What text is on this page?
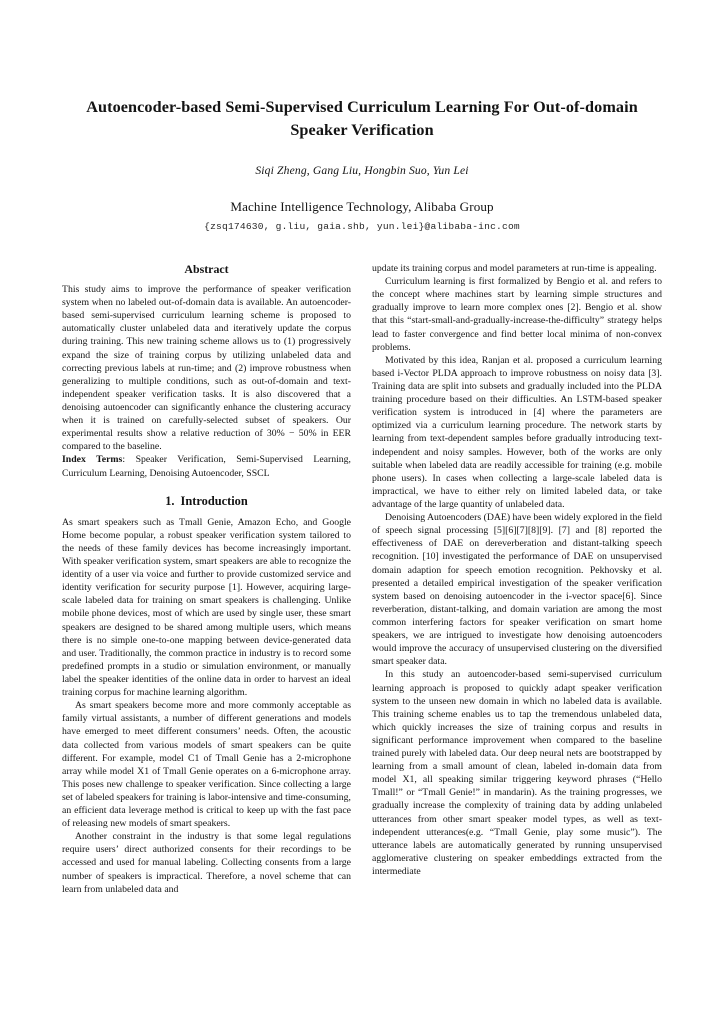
Autoencoder-based Semi-Supervised Curriculum Learning For Out-of-domain Speaker Verification
Siqi Zheng, Gang Liu, Hongbin Suo, Yun Lei
Machine Intelligence Technology, Alibaba Group
{zsq174630, g.liu, gaia.shb, yun.lei}@alibaba-inc.com
Abstract

This study aims to improve the performance of speaker verification system when no labeled out-of-domain data is available. An autoencoder-based semi-supervised curriculum learning scheme is proposed to automatically cluster unlabeled data and iteratively update the corpus during training. This new training scheme allows us to (1) progressively expand the size of training corpus by utilizing unlabeled data and correcting previous labels at run-time; and (2) improve robustness when generalizing to multiple conditions, such as out-of-domain and text-independent speaker verification tasks. It is also discovered that a denoising autoencoder can significantly enhance the clustering accuracy when it is trained on carefully-selected subset of speakers. Our experimental results show a relative reduction of 30% − 50% in EER compared to the baseline.

Index Terms: Speaker Verification, Semi-Supervised Learning, Curriculum Learning, Denoising Autoencoder, SSCL

1. Introduction

As smart speakers such as Tmall Genie, Amazon Echo, and Google Home become popular, a robust speaker verification system tailored to the needs of these family devices has become increasingly important. With speaker verification system, smart speakers are able to recognize the identity of a user via voice and further to provide customized service and identity verification for security purpose [1]. However, acquiring large-scale labeled data for training on smart speakers is challenging. Unlike mobile phone devices, most of which are used by single user, these smart speakers are designed to be shared among multiple users, which means there is no simple one-to-one mapping between device-generated data and user. Traditionally, the common practice in industry is to record some predefined prompts in a studio or simulation environment, or manually label the speaker identities of the online data in order to harvest an ideal training corpus for machine learning algorithm.

As smart speakers become more and more commonly acceptable as family virtual assistants, a number of different generations and models have emerged to meet different consumers’ needs. Often, the acoustic data collected from various models of smart speakers can be quite different. For example, model C1 of Tmall Genie has a 2-microphone array while model X1 of Tmall Genie operates on a 6-microphone array. This poses new challenge to speaker verification. Since collecting a large set of labeled speakers for training is labor-intensive and time-consuming, an efficient data leverage method is critical to keep up with the fast pace of releasing new models of smart speakers.

Another constraint in the industry is that some legal regulations require users’ direct authorized consents for their recordings to be accessed and used for manual labeling. Collecting consents from a large number of speakers is impractical. Therefore, a novel scheme that can learn from unlabeled data and

update its training corpus and model parameters at run-time is appealing.

Curriculum learning is first formalized by Bengio et al. and refers to the concept where machines start by learning simple structures and gradually improve to learn more complex ones [2]. Bengio et al. show that this “start-small-and-gradually-increase-the-difficulty” strategy helps lead to faster convergence and find better local minima of non-convex problems.

Motivated by this idea, Ranjan et al. proposed a curriculum learning based i-Vector PLDA approach to improve robustness on noisy data [3]. Training data are split into subsets and gradually included into the PLDA training procedure based on their difficulties. An LSTM-based speaker verification system is introduced in [4] where the parameters are optimized via a curriculum learning procedure. The network starts by learning from text-dependent samples before gradually introducing text-independent and noisy samples. However, both of the works are only suitable when labeled data are readily accessible for training (e.g. mobile phone users). In cases when collecting a large-scale labeled data is impractical, we have to either rely on limited labeled data, or take advantage of the large quantity of unlabeled data.

Denoising Autoencoders (DAE) have been widely explored in the field of speech signal processing [5][6][7][8][9]. [7] and [8] reported the effectiveness of DAE on dereverberation and distant-talking speech recognition. [10] investigated the performance of DAE on unsupervised domain adaption for speech emotion recognition. Pekhovsky et al. presented a detailed empirical investigation of the speaker verification system based on denoising autoencoder in the i-vector space[6]. Since reverberation, distant-talking, and domain variation are among the most common interfering factors for speaker verification on smart home speakers, we are intrigued to investigate how denoising autoencoders would improve the accuracy of unsupervised clustering on the diversified smart speaker data.

In this study an autoencoder-based semi-supervised curriculum learning approach is proposed to quickly adapt speaker verification system to the unseen new domain in which no labeled data is available. This training scheme enables us to tap the tremendous unlabeled data, which quickly increases the size of training corpus and results in significant performance improvement when compared to the baseline trained purely with labeled data. Our deep neural nets are bootstrapped by learning from a small amount of clean, labeled in-domain data from model X1, all speaking similar triggering keyword phrases (“Hello Tmall!” or “Tmall Genie!” in mandarin). As the training progresses, we gradually increase the complexity of training data by adding unlabeled utterances from other smart speaker model types, as well as text-independent utterances(e.g. “Tmall Genie, play some music”). The utterance labels are automatically generated by running unsupervised agglomerative clustering on speaker embeddings extracted from the intermediate
